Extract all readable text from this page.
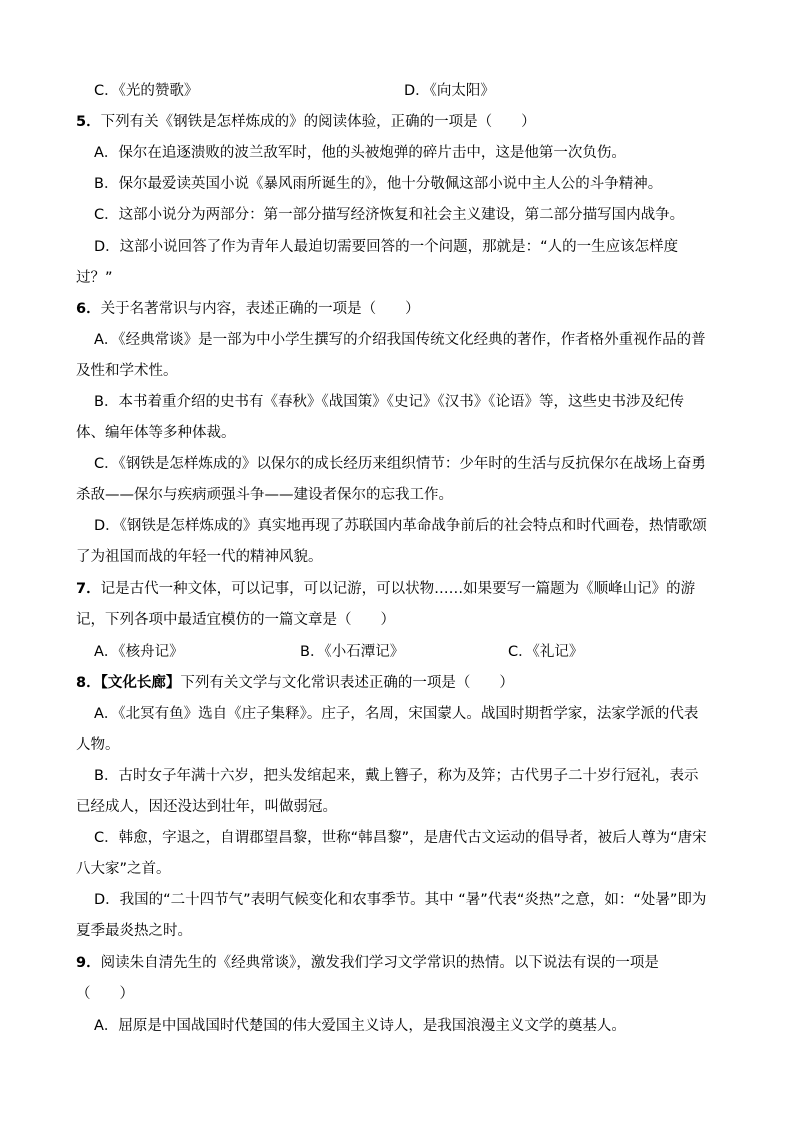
C．《光的赞歌》	D．《向太阳》
5．下列有关《钢铁是怎样炼成的》的阅读体验，正确的一项是（　　）
A．保尔在追逐溃败的波兰敌军时，他的头被炮弹的碎片击中，这是他第一次负伤。
B．保尔最爱读英国小说《暴风雨所诞生的》，他十分敬佩这部小说中主人公的斗争精神。
C．这部小说分为两部分：第一部分描写经济恢复和社会主义建设，第二部分描写国内战争。
D．这部小说回答了作为青年人最迫切需要回答的一个问题，那就是：“人的一生应该怎样度
过？”
6．关于名著常识与内容，表述正确的一项是（　　）
A．《经典常谈》是一部为中小学生撰写的介绍我国传统文化经典的著作，作者格外重视作品的普
及性和学术性。
B．本书着重介绍的史书有《春秋》《战国策》《史记》《汉书》《论语》等，这些史书涉及纪传
体、编年体等多种体裁。
C．《钢铁是怎样炼成的》以保尔的成长经历来组织情节：少年时的生活与反抗保尔在战场上奋勇
杀敌——保尔与疾病顽强斗争——建设者保尔的忘我工作。
D．《钢铁是怎样炼成的》真实地再现了苏联国内革命战争前后的社会特点和时代画卷，热情歌颂
了为祖国而战的年轻一代的精神风貌。
7．记是古代一种文体，可以记事，可以记游，可以状物……如果要写一篇题为《顺峰山记》的游
记，下列各项中最适宜模仿的一篇文章是（　　）
A．《核舟记》	B．《小石潭记》	C．《礼记》
8．【文化长廊】下列有关文学与文化常识表述正确的一项是（　　）
A．《北冥有鱼》选自《庄子集释》。庄子，名周，宋国蒙人。战国时期哲学家，法家学派的代表
人物。
B．古时女子年满十六岁，把头发绾起来，戴上簪子，称为及笄；古代男子二十岁行冠礼，表示
已经成人，因还没达到壮年，叫做弱冠。
C．韩愈，字退之，自谓郡望昌黎，世称“韩昌黎”，是唐代古文运动的倡导者，被后人尊为“唐宋
八大家”之首。
D．我国的“二十四节气”表明气候变化和农事季节。其中 “暑”代表“炎热”之意，如：“处暑”即为
夏季最炎热之时。
9．阅读朱自清先生的《经典常谈》，激发我们学习文学常识的热情。以下说法有误的一项是
（　　）
A．屈原是中国战国时代楚国的伟大爱国主义诗人，是我国浪漫主义文学的奠基人。
